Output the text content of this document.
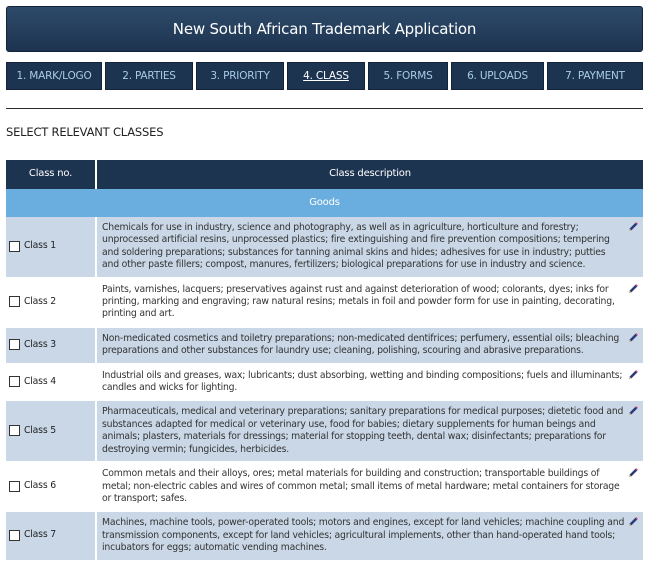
New South African Trademark Application
1. MARK/LOGO	2. PARTIES	3. PRIORITY	4. CLASS	5. FORMS	6. UPLOADS	7. PAYMENT
SELECT RELEVANT CLASSES
Class no.	Class description
Goods	
Class 1	Chemicals for use in industry, science and photography, as well as in agriculture, horticulture and forestry; unprocessed artificial resins, unprocessed plastics; fire extinguishing and fire prevention compositions; tempering and soldering preparations; substances for tanning animal skins and hides; adhesives for use in industry; putties and other paste fillers; compost, manures, fertilizers; biological preparations for use in industry and science.

Class 2	Paints, varnishes, lacquers; preservatives against rust and against deterioration of wood; colorants, dyes; inks for printing, marking and engraving; raw natural resins; metals in foil and powder form for use in painting, decorating, printing and art.

Class 3	Non-medicated cosmetics and toiletry preparations; non-medicated dentifrices; perfumery, essential oils; bleaching preparations and other substances for laundry use; cleaning, polishing, scouring and abrasive preparations.

Class 4	Industrial oils and greases, wax; lubricants; dust absorbing, wetting and binding compositions; fuels and illuminants; candles and wicks for lighting.

Class 5	Pharmaceuticals, medical and veterinary preparations; sanitary preparations for medical purposes; dietetic food and substances adapted for medical or veterinary use, food for babies; dietary supplements for human beings and animals; plasters, materials for dressings; material for stopping teeth, dental wax; disinfectants; preparations for destroying vermin; fungicides, herbicides.

Class 6	Common metals and their alloys, ores; metal materials for building and construction; transportable buildings of metal; non-electric cables and wires of common metal; small items of metal hardware; metal containers for storage or transport; safes.

Class 7	Machines, machine tools, power-operated tools; motors and engines, except for land vehicles; machine coupling and transmission components, except for land vehicles; agricultural implements, other than hand-operated hand tools; incubators for eggs; automatic vending machines.
